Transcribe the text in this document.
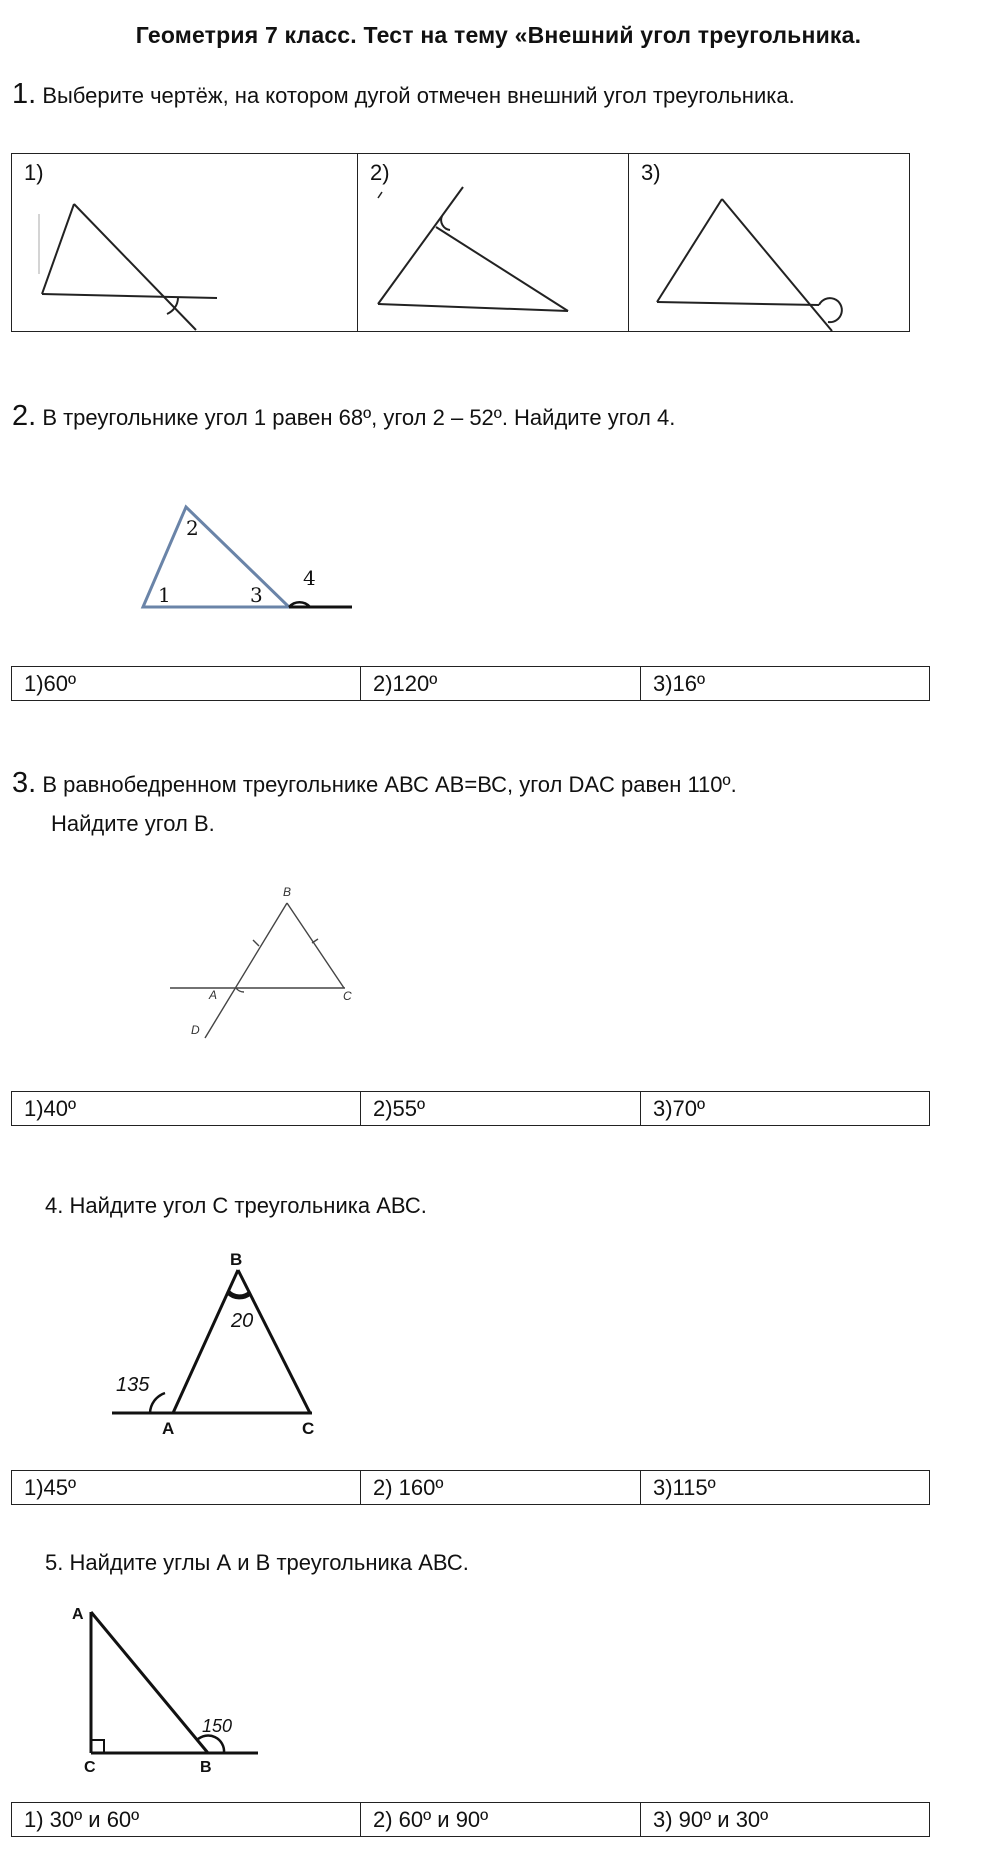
Геометрия 7 класс. Тест на тему «Внешний угол треугольника.
1. Выберите чертёж, на котором дугой отмечен внешний угол треугольника.
1)	2)	3)
2. В треугольнике угол 1 равен 68º, угол 2 – 52º. Найдите угол 4.
2
1	3
4
1)60º	2)120º	3)16º
3. В равнобедренном треугольнике АВС АВ=ВС, угол DAC равен 110º.
Найдите угол В.
B
A	C
D
1)40º	2)55º	3)70º
4. Найдите угол С треугольника АВС.
B
20
135
A	C
1)45º	2) 160º	3)115º
5. Найдите углы А и В треугольника АВС.
A
150
C	B
1) 30º и 60º	2) 60º и 90º	3) 90º и 30º
